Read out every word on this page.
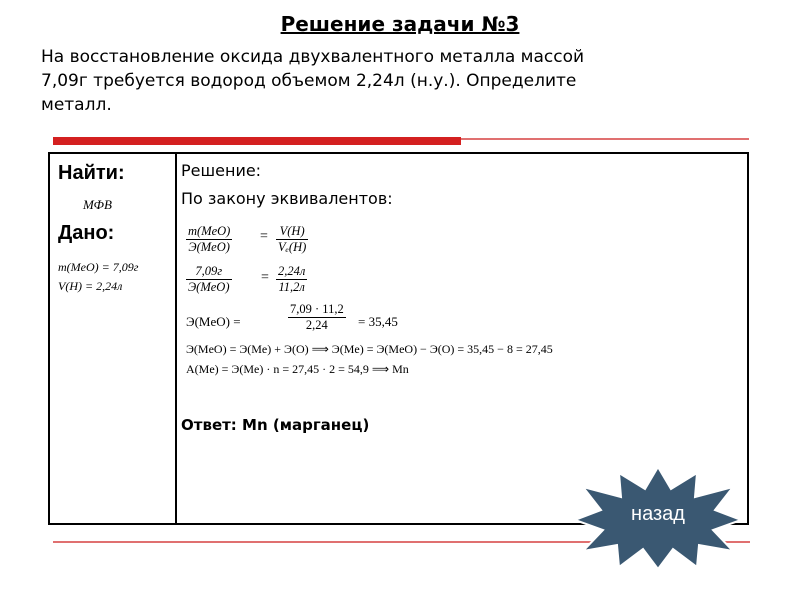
Решение задачи №3
На восстановление оксида двухвалентного металла массой
7,09г требуется водород объемом 2,24л (н.у.). Определите
металл.
Найти:
МФВ
Дано:
m(MeO) = 7,09г
V(H) = 2,24л
Решение:
По закону эквивалентов:
m(MeO)
Э(MeO)
= $\frac{V(H)}{\text{Vₑ(H)}}$
7,09г
Э(MeO)
= 2,24л
11,2л
Э(MeO) =	$\frac{7,09 \cdot 11,2}{2,24} = 35,45$
Э(MeO) = Э(Me) + Э(O) ⟹ Э(Me) = Э(MeO) − Э(O) = 35,45 − 8 = 27,45
A(Me) = Э(Me) · n = 27,45 · 2 = 54,9 ⟹ Mn
Ответ: Mn (марганец)
назад
